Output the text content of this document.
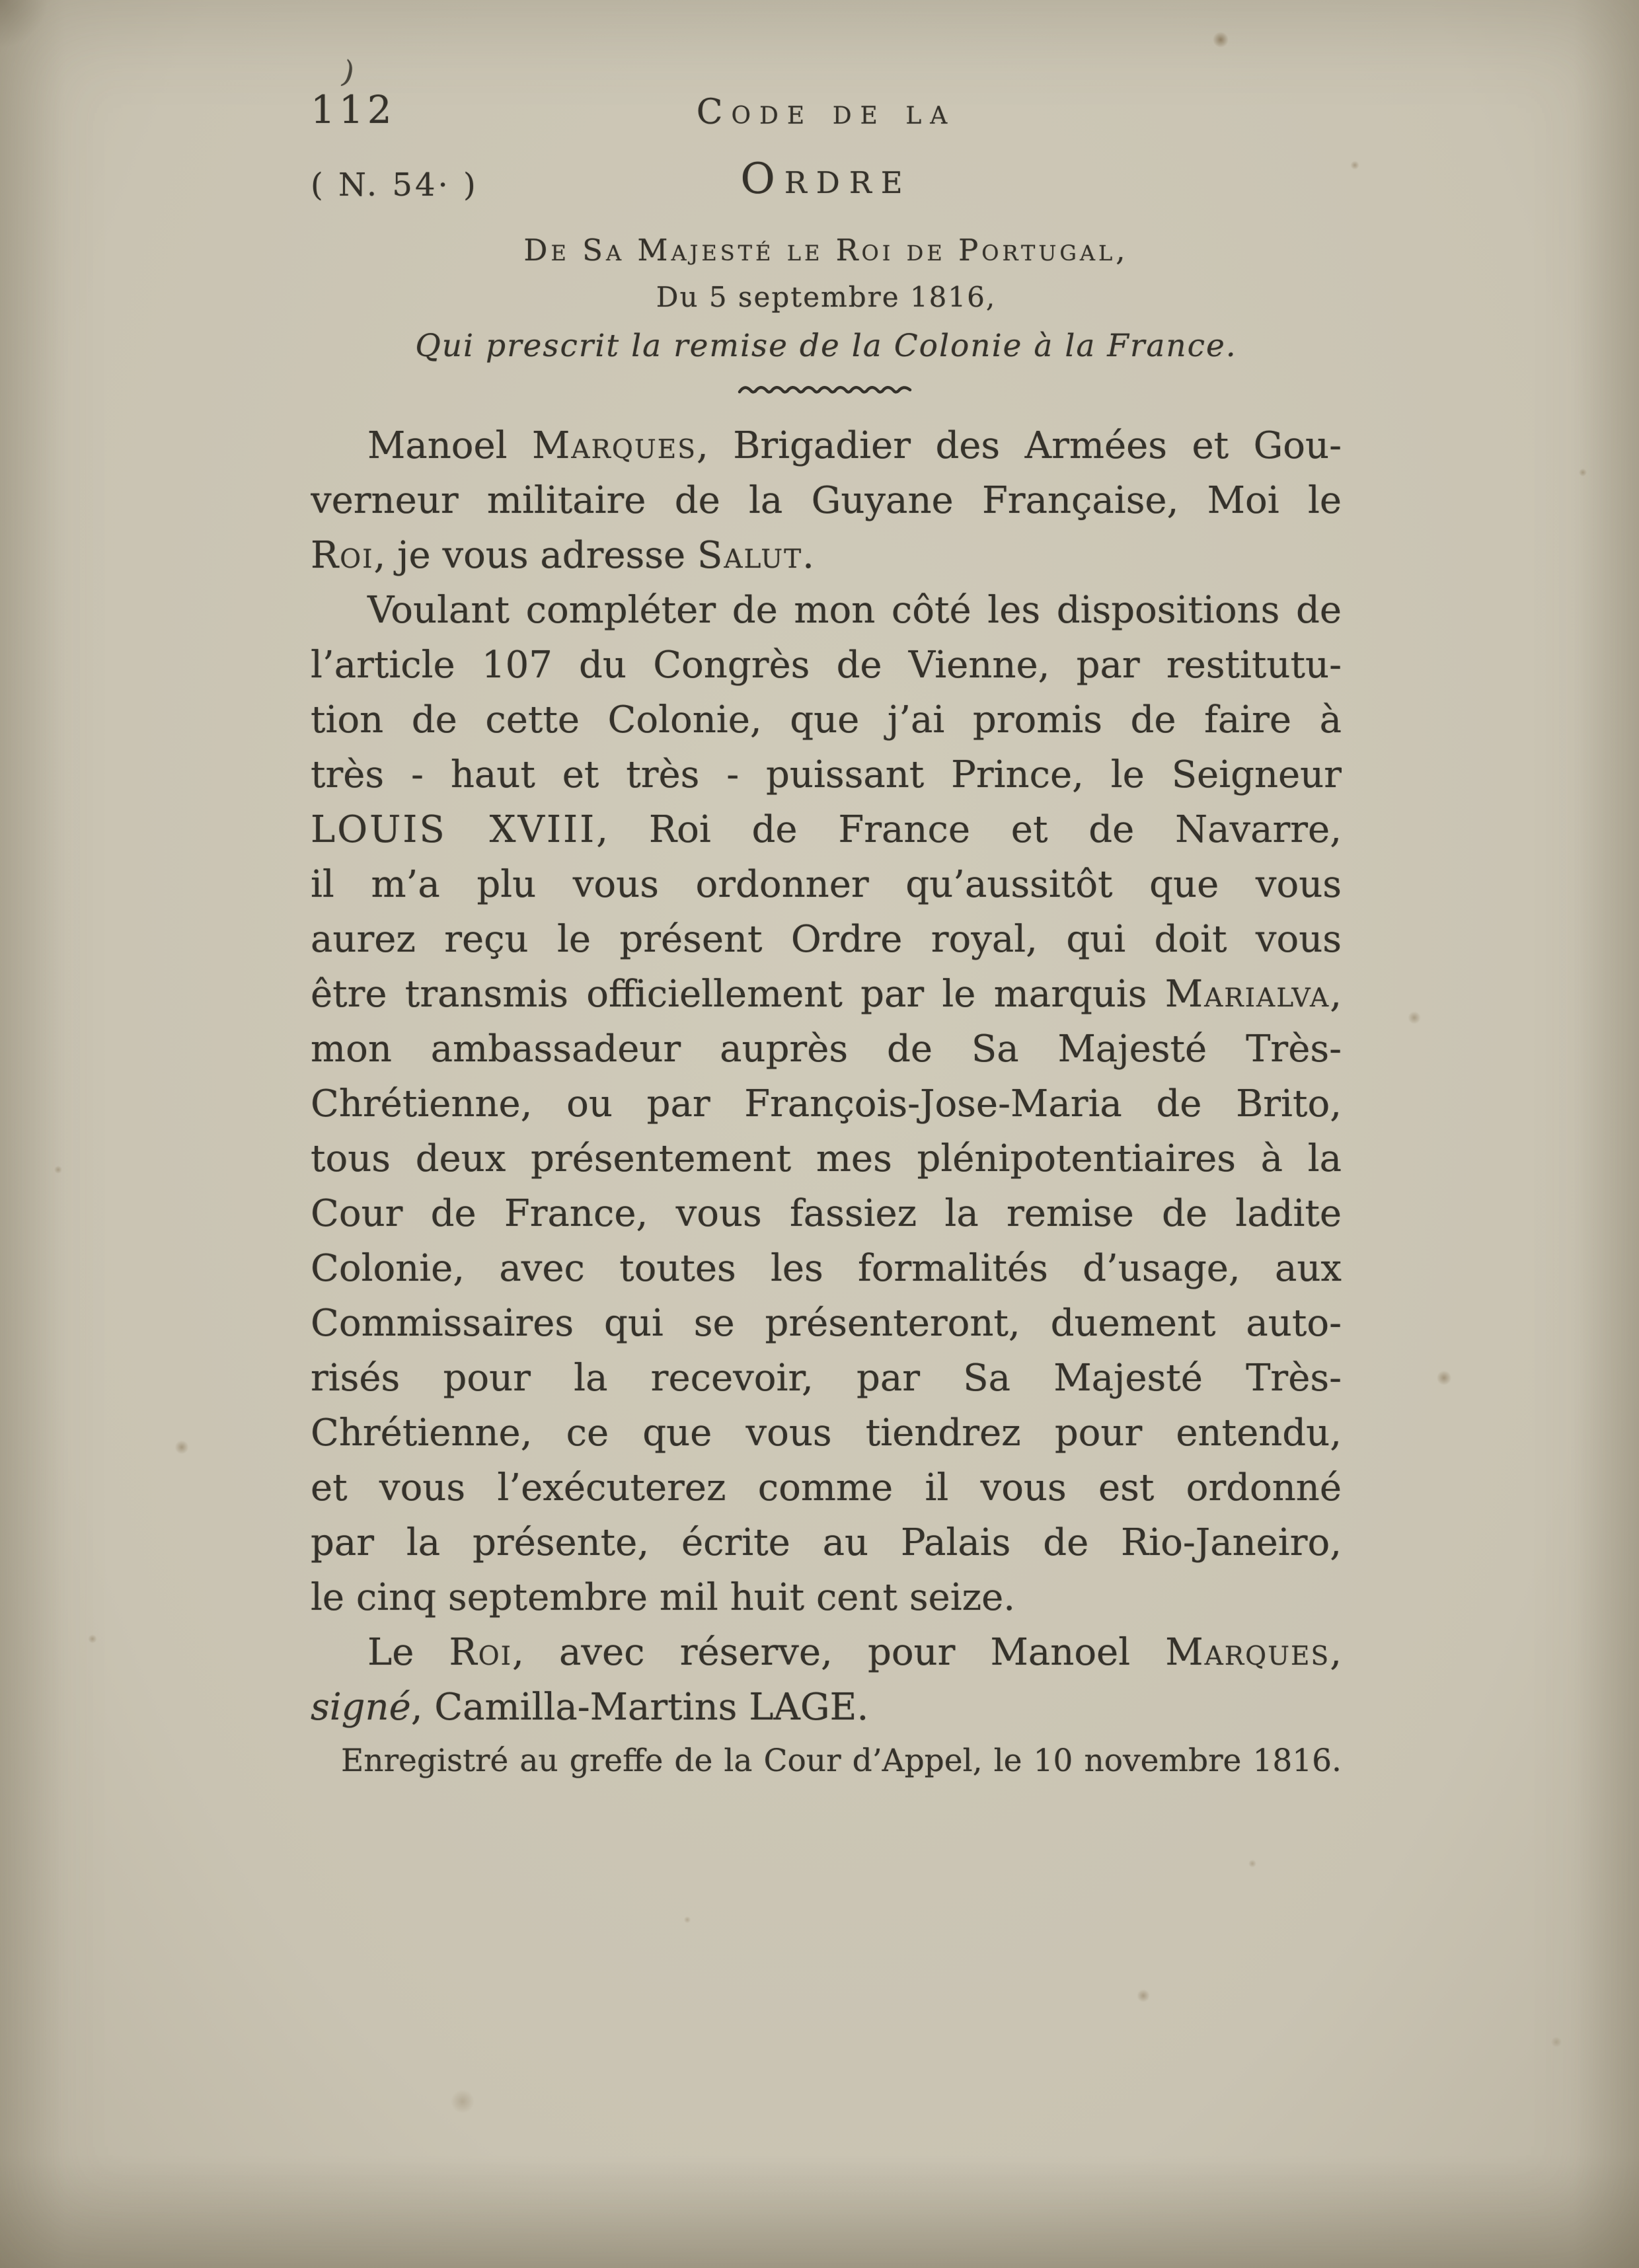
112
)
Code de la
( N. 54· )	Ordre
De Sa Majesté le Roi de Portugal,
Du 5 septembre 1816,
Qui prescrit la remise de la Colonie à la France.
Manoel Marques, Brigadier des Armées et Gou-
verneur militaire de la Guyane Française, Moi le
Roi, je vous adresse Salut.
Voulant compléter de mon côté les dispositions de
l’article 107 du Congrès de Vienne, par restitutu-
tion de cette Colonie, que j’ai promis de faire à
très - haut et très - puissant Prince, le Seigneur
LOUIS XVIII, Roi de France et de Navarre,
il m’a plu vous ordonner qu’aussitôt que vous
aurez reçu le présent Ordre royal, qui doit vous
être transmis officiellement par le marquis Marialva,
mon ambassadeur auprès de Sa Majesté Très-
Chrétienne, ou par François-Jose-Maria de Brito,
tous deux présentement mes plénipotentiaires à la
Cour de France, vous fassiez la remise de ladite
Colonie, avec toutes les formalités d’usage, aux
Commissaires qui se présenteront, duement auto-
risés pour la recevoir, par Sa Majesté Très-
Chrétienne, ce que vous tiendrez pour entendu,
et vous l’exécuterez comme il vous est ordonné
par la présente, écrite au Palais de Rio-Janeiro,
le cinq septembre mil huit cent seize.
Le Roi, avec réserve, pour Manoel Marques,
signé, Camilla-Martins LAGE.
Enregistré au greffe de la Cour d’Appel, le 10 novembre 1816.
